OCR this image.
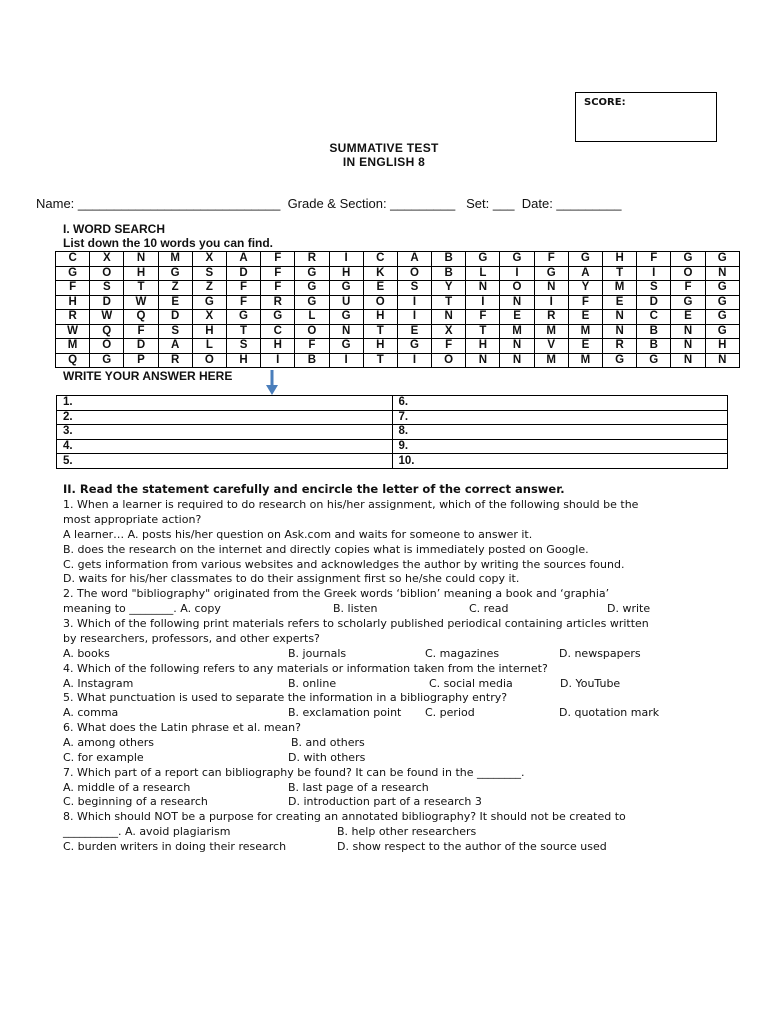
SCORE:
SUMMATIVE TEST
IN ENGLISH 8
Name: ____________________________  Grade & Section: _________   Set: ___  Date: _________
I. WORD SEARCH
List down the 10 words you can find.
C	X	N	M	X	A	F	R	I	C	A	B	G	G	F	G	H	F	G	G
G	O	H	G	S	D	F	G	H	K	O	B	L	I	G	A	T	I	O	N
F	S	T	Z	Z	F	F	G	G	E	S	Y	N	O	N	Y	M	S	F	G
H	D	W	E	G	F	R	G	U	O	I	T	I	N	I	F	E	D	G	G
R	W	Q	D	X	G	G	L	G	H	I	N	F	E	R	E	N	C	E	G
W	Q	F	S	H	T	C	O	N	T	E	X	T	M	M	M	N	B	N	G
M	O	D	A	L	S	H	F	G	H	G	F	H	N	V	E	R	B	N	H
Q	G	P	R	O	H	I	B	I	T	I	O	N	N	M	M	G	G	N	N
WRITE YOUR ANSWER HERE
1.	6.
2.	7.
3.	8.
4.	9.
5.	10.
II. Read the statement carefully and encircle the letter of the correct answer.
1. When a learner is required to do research on his/her assignment, which of the following should be the
most appropriate action?
A learner… A. posts his/her question on Ask.com and waits for someone to answer it.
B. does the research on the internet and directly copies what is immediately posted on Google.
C. gets information from various websites and acknowledges the author by writing the sources found.
D. waits for his/her classmates to do their assignment first so he/she could copy it.
2. The word "bibliography" originated from the Greek words ‘biblion’ meaning a book and ‘graphia’
meaning to ________. A. copy	B. listen	C. read	D. write
3. Which of the following print materials refers to scholarly published periodical containing articles written
by researchers, professors, and other experts?
A. books	B. journals	C. magazines	D. newspapers
4. Which of the following refers to any materials or information taken from the internet?
A. Instagram	B. online	C. social media	D. YouTube
5. What punctuation is used to separate the information in a bibliography entry?
A. comma	B. exclamation point C. period	D. quotation mark
6. What does the Latin phrase et al. mean?
A. among others	B. and others
C. for example	D. with others
7. Which part of a report can bibliography be found? It can be found in the ________.
A. middle of a research	B. last page of a research
C. beginning of a research	D. introduction part of a research 3
8. Which should NOT be a purpose for creating an annotated bibliography? It should not be created to
__________. A. avoid plagiarism	B. help other researchers
C. burden writers in doing their research	D. show respect to the author of the source used
